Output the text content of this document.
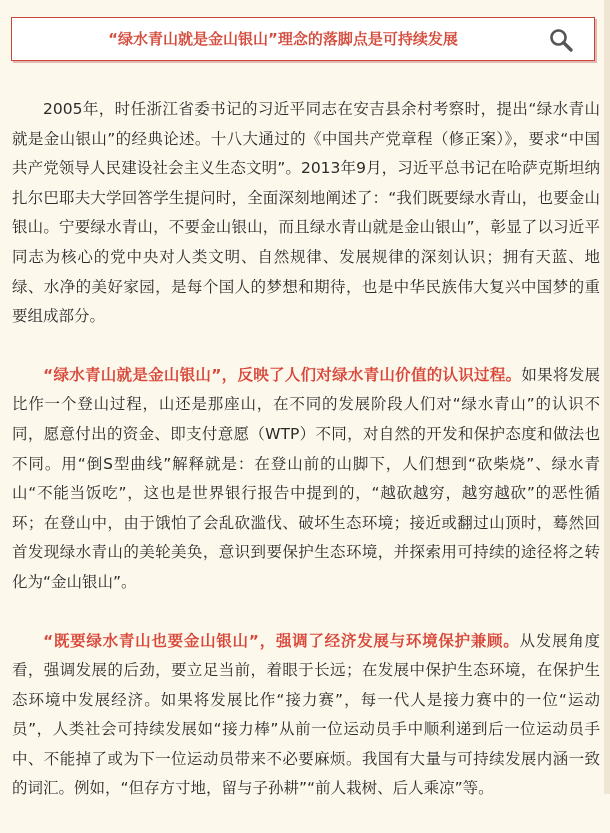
“绿水青山就是金山银山”理念的落脚点是可持续发展

2005年，时任浙江省委书记的习近平同志在安吉县余村考察时，提出“绿水青山就是金山银山”的经典论述。十八大通过的《中国共产党章程（修正案）》，要求“中国共产党领导人民建设社会主义生态文明”。2013年9月，习近平总书记在哈萨克斯坦纳扎尔巴耶夫大学回答学生提问时，全面深刻地阐述了：“我们既要绿水青山，也要金山银山。宁要绿水青山，不要金山银山，而且绿水青山就是金山银山”，彰显了以习近平同志为核心的党中央对人类文明、自然规律、发展规律的深刻认识；拥有天蓝、地绿、水净的美好家园，是每个国人的梦想和期待，也是中华民族伟大复兴中国梦的重要组成部分。

“绿水青山就是金山银山”，反映了人们对绿水青山价值的认识过程。如果将发展比作一个登山过程，山还是那座山，在不同的发展阶段人们对“绿水青山”的认识不同，愿意付出的资金、即支付意愿（WTP）不同，对自然的开发和保护态度和做法也不同。用“倒S型曲线”解释就是：在登山前的山脚下，人们想到“砍柴烧”、绿水青山“不能当饭吃”，这也是世界银行报告中提到的，“越砍越穷，越穷越砍”的恶性循环；在登山中，由于饿怕了会乱砍滥伐、破坏生态环境；接近或翻过山顶时，蓦然回首发现绿水青山的美轮美奂，意识到要保护生态环境，并探索用可持续的途径将之转化为“金山银山”。

“既要绿水青山也要金山银山”，强调了经济发展与环境保护兼顾。从发展角度看，强调发展的后劲，要立足当前，着眼于长远；在发展中保护生态环境，在保护生态环境中发展经济。如果将发展比作“接力赛”，每一代人是接力赛中的一位“运动员”，人类社会可持续发展如“接力棒”从前一位运动员手中顺利递到后一位运动员手中、不能掉了或为下一位运动员带来不必要麻烦。我国有大量与可持续发展内涵一致的词汇。例如，“但存方寸地，留与子孙耕”“前人栽树、后人乘凉”等。
